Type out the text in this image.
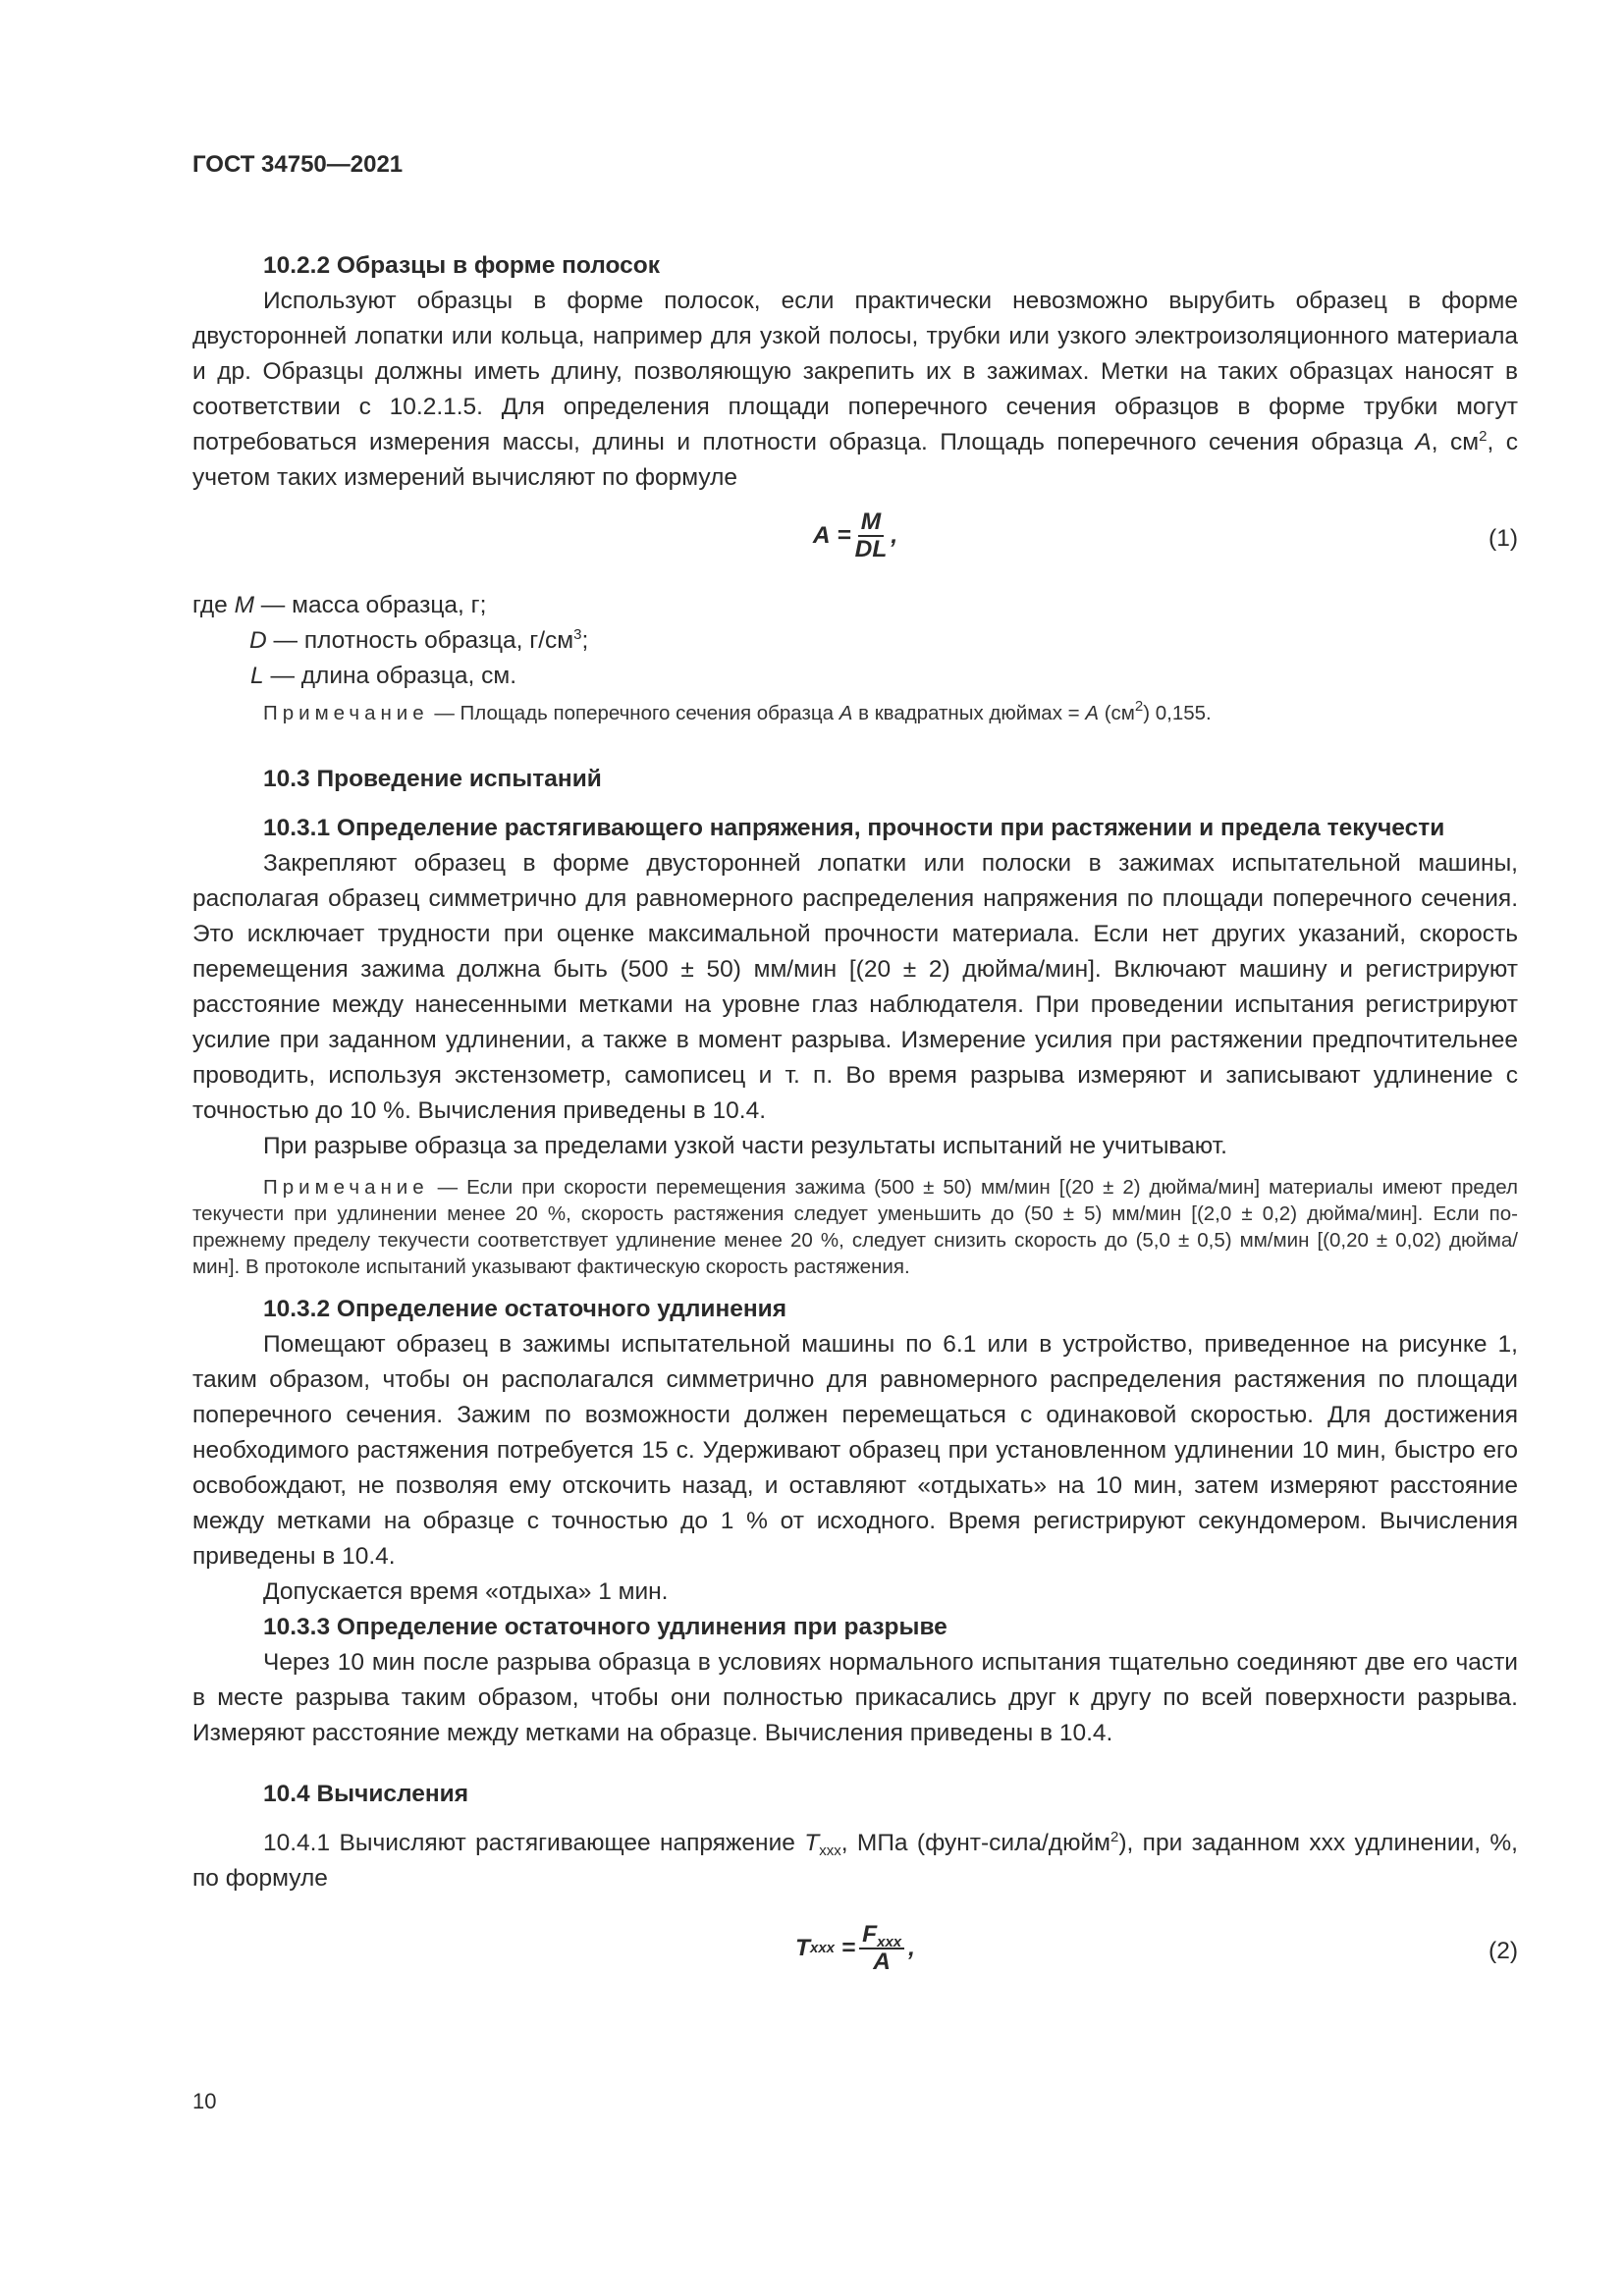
ГОСТ 34750—2021

10.2.2 Образцы в форме полосок

Используют образцы в форме полосок, если практически невозможно вырубить образец в форме двусторонней лопатки или кольца, например для узкой полосы, трубки или узкого электроизоляционного материала и др. Образцы должны иметь длину, позволяющую закрепить их в зажимах. Метки на таких образцах наносят в соответствии с 10.2.1.5. Для определения площади поперечного сечения образцов в форме трубки могут потребоваться измерения массы, длины и плотности образца. Площадь поперечного сечения образца A, $см^2$, с учетом таких измерений вычисляют по формуле

A
= $\frac{M}{DL}$ ,	(1)

где M — масса образца, г;

D — плотность образца, $г/см^3$;

L — длина образца, см.

Примечание — Площадь поперечного сечения образца A в квадратных дюймах = A $(см^2)$ 0,155.

10.3 Проведение испытаний

10.3.1 Определение растягивающего напряжения, прочности при растяжении и предела текучести

Закрепляют образец в форме двусторонней лопатки или полоски в зажимах испытательной машины, располагая образец симметрично для равномерного распределения напряжения по площади поперечного сечения. Это исключает трудности при оценке максимальной прочности материала. Если нет других указаний, скорость перемещения зажима должна быть (500 ± 50) мм/мин [(20 ± 2) дюйма/мин]. Включают машину и регистрируют расстояние между нанесенными метками на уровне глаз наблюдателя. При проведении испытания регистрируют усилие при заданном удлинении, а также в момент разрыва. Измерение усилия при растяжении предпочтительнее проводить, используя экстензометр, самописец и т. п. Во время разрыва измеряют и записывают удлинение с точностью до 10 %. Вычисления приведены в 10.4.

При разрыве образца за пределами узкой части результаты испытаний не учитывают.

Примечание — Если при скорости перемещения зажима (500 ± 50) мм/мин [(20 ± 2) дюйма/мин] материалы имеют предел текучести при удлинении менее 20 %, скорость растяжения следует уменьшить до (50 ± 5) мм/мин [(2,0 ± 0,2) дюйма/мин]. Если по-прежнему пределу текучести соответствует удлинение менее 20 %, следует снизить скорость до (5,0 ± 0,5) мм/мин [(0,20 ± 0,02) дюйма/мин]. В протоколе испытаний указывают фактическую скорость растяжения.

10.3.2 Определение остаточного удлинения

Помещают образец в зажимы испытательной машины по 6.1 или в устройство, приведенное на рисунке 1, таким образом, чтобы он располагался симметрично для равномерного распределения растяжения по площади поперечного сечения. Зажим по возможности должен перемещаться с одинаковой скоростью. Для достижения необходимого растяжения потребуется 15 с. Удерживают образец при установленном удлинении 10 мин, быстро его освобождают, не позволяя ему отскочить назад, и оставляют «отдыхать» на 10 мин, затем измеряют расстояние между метками на образце с точностью до 1 % от исходного. Время регистрируют секундомером. Вычисления приведены в 10.4.

Допускается время «отдыха» 1 мин.

10.3.3 Определение остаточного удлинения при разрыве

Через 10 мин после разрыва образца в условиях нормального испытания тщательно соединяют две его части в месте разрыва таким образом, чтобы они полностью прикасались друг к другу по всей поверхности разрыва. Измеряют расстояние между метками на образце. Вычисления приведены в 10.4.

10.4 Вычисления

10.4.1 Вычисляют растягивающее напряжение $T_{xxx}$, МПа (фунт-сила/дюйм$^2$), при заданном xxx удлинении, %, по формуле

T xxx
= $\frac{F_{xxx}}{A}$ ,	(2)
10
